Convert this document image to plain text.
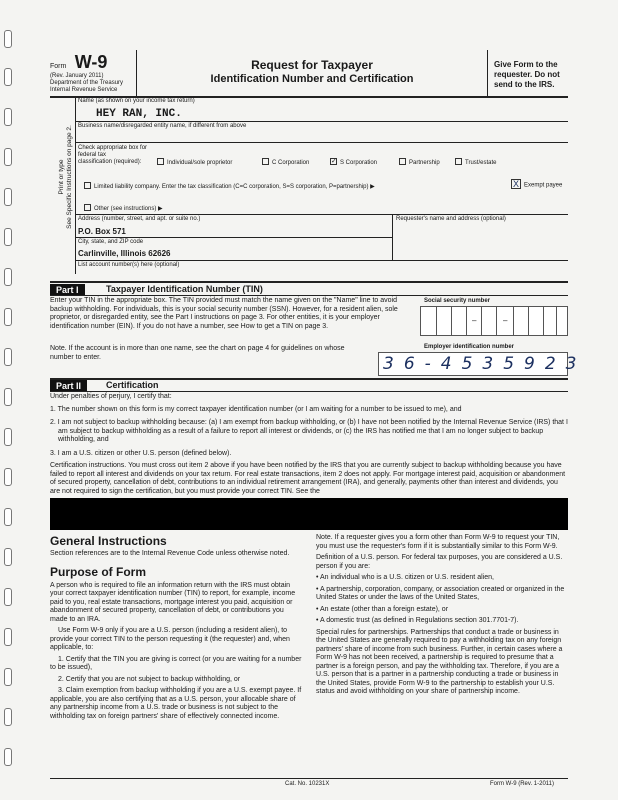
Form W-9
(Rev. January 2011)
Department of the Treasury
Internal Revenue Service
Request for Taxpayer
Identification Number and Certification
Give Form to the requester. Do not send to the IRS.
Print or type See Specific Instructions on page 2.
Name (as shown on your income tax return)
HEY RAN, INC.
Business name/disregarded entity name, if different from above
Check appropriate box for federal tax
classification (required):	Individual/sole proprietor	C Corporation	✓ S Corporation	Partnership	Trust/estate
Limited liability company. Enter the tax classification (C=C corporation, S=S corporation, P=partnership) ▶	X Exempt payee
Other (see instructions) ▶
Address (number, street, and apt. or suite no.)
P.O. Box 571
Requester's name and address (optional)
City, state, and ZIP code
Carlinville, Illinois 62626
List account number(s) here (optional)
Part I	Taxpayer Identification Number (TIN)
Enter your TIN in the appropriate box. The TIN provided must match the name given on the "Name" line to avoid backup withholding. For individuals, this is your social security number (SSN). However, for a resident alien, sole proprietor, or disregarded entity, see the Part I instructions on page 3. For other entities, it is your employer identification number (EIN). If you do not have a number, see How to get a TIN on page 3.
Note. If the account is in more than one name, see the chart on page 4 for guidelines on whose number to enter.
Social security number
–	–
Employer identification number
36-4535923
Part II	Certification
Under penalties of perjury, I certify that:
1. The number shown on this form is my correct taxpayer identification number (or I am waiting for a number to be issued to me), and
2. I am not subject to backup withholding because: (a) I am exempt from backup withholding, or (b) I have not been notified by the Internal Revenue Service (IRS) that I am subject to backup withholding as a result of a failure to report all interest or dividends, or (c) the IRS has notified me that I am no longer subject to backup withholding, and
3. I am a U.S. citizen or other U.S. person (defined below).
Certification instructions. You must cross out item 2 above if you have been notified by the IRS that you are currently subject to backup withholding because you have failed to report all interest and dividends on your tax return. For real estate transactions, item 2 does not apply. For mortgage interest paid, acquisition or abandonment of secured property, cancellation of debt, contributions to an individual retirement arrangement (IRA), and generally, payments other than interest and dividends, you are not required to sign the certification, but you must provide your correct TIN. See the
General Instructions
Section references are to the Internal Revenue Code unless otherwise noted.
Purpose of Form
A person who is required to file an information return with the IRS must obtain your correct taxpayer identification number (TIN) to report, for example, income paid to you, real estate transactions, mortgage interest you paid, acquisition or abandonment of secured property, cancellation of debt, or contributions you made to an IRA.
Use Form W-9 only if you are a U.S. person (including a resident alien), to provide your correct TIN to the person requesting it (the requester) and, when applicable, to:
1. Certify that the TIN you are giving is correct (or you are waiting for a number to be issued),
2. Certify that you are not subject to backup withholding, or
3. Claim exemption from backup withholding if you are a U.S. exempt payee. If applicable, you are also certifying that as a U.S. person, your allocable share of any partnership income from a U.S. trade or business is not subject to the withholding tax on foreign partners' share of effectively connected income.
Note. If a requester gives you a form other than Form W-9 to request your TIN, you must use the requester's form if it is substantially similar to this Form W-9.
Definition of a U.S. person. For federal tax purposes, you are considered a U.S. person if you are:
• An individual who is a U.S. citizen or U.S. resident alien,
• A partnership, corporation, company, or association created or organized in the United States or under the laws of the United States,
• An estate (other than a foreign estate), or
• A domestic trust (as defined in Regulations section 301.7701-7).
Special rules for partnerships. Partnerships that conduct a trade or business in the United States are generally required to pay a withholding tax on any foreign partners' share of income from such business. Further, in certain cases where a Form W-9 has not been received, a partnership is required to presume that a partner is a foreign person, and pay the withholding tax. Therefore, if you are a U.S. person that is a partner in a partnership conducting a trade or business in the United States, provide Form W-9 to the partnership to establish your U.S. status and avoid withholding on your share of partnership income.
Cat. No. 10231X	Form W-9 (Rev. 1-2011)
